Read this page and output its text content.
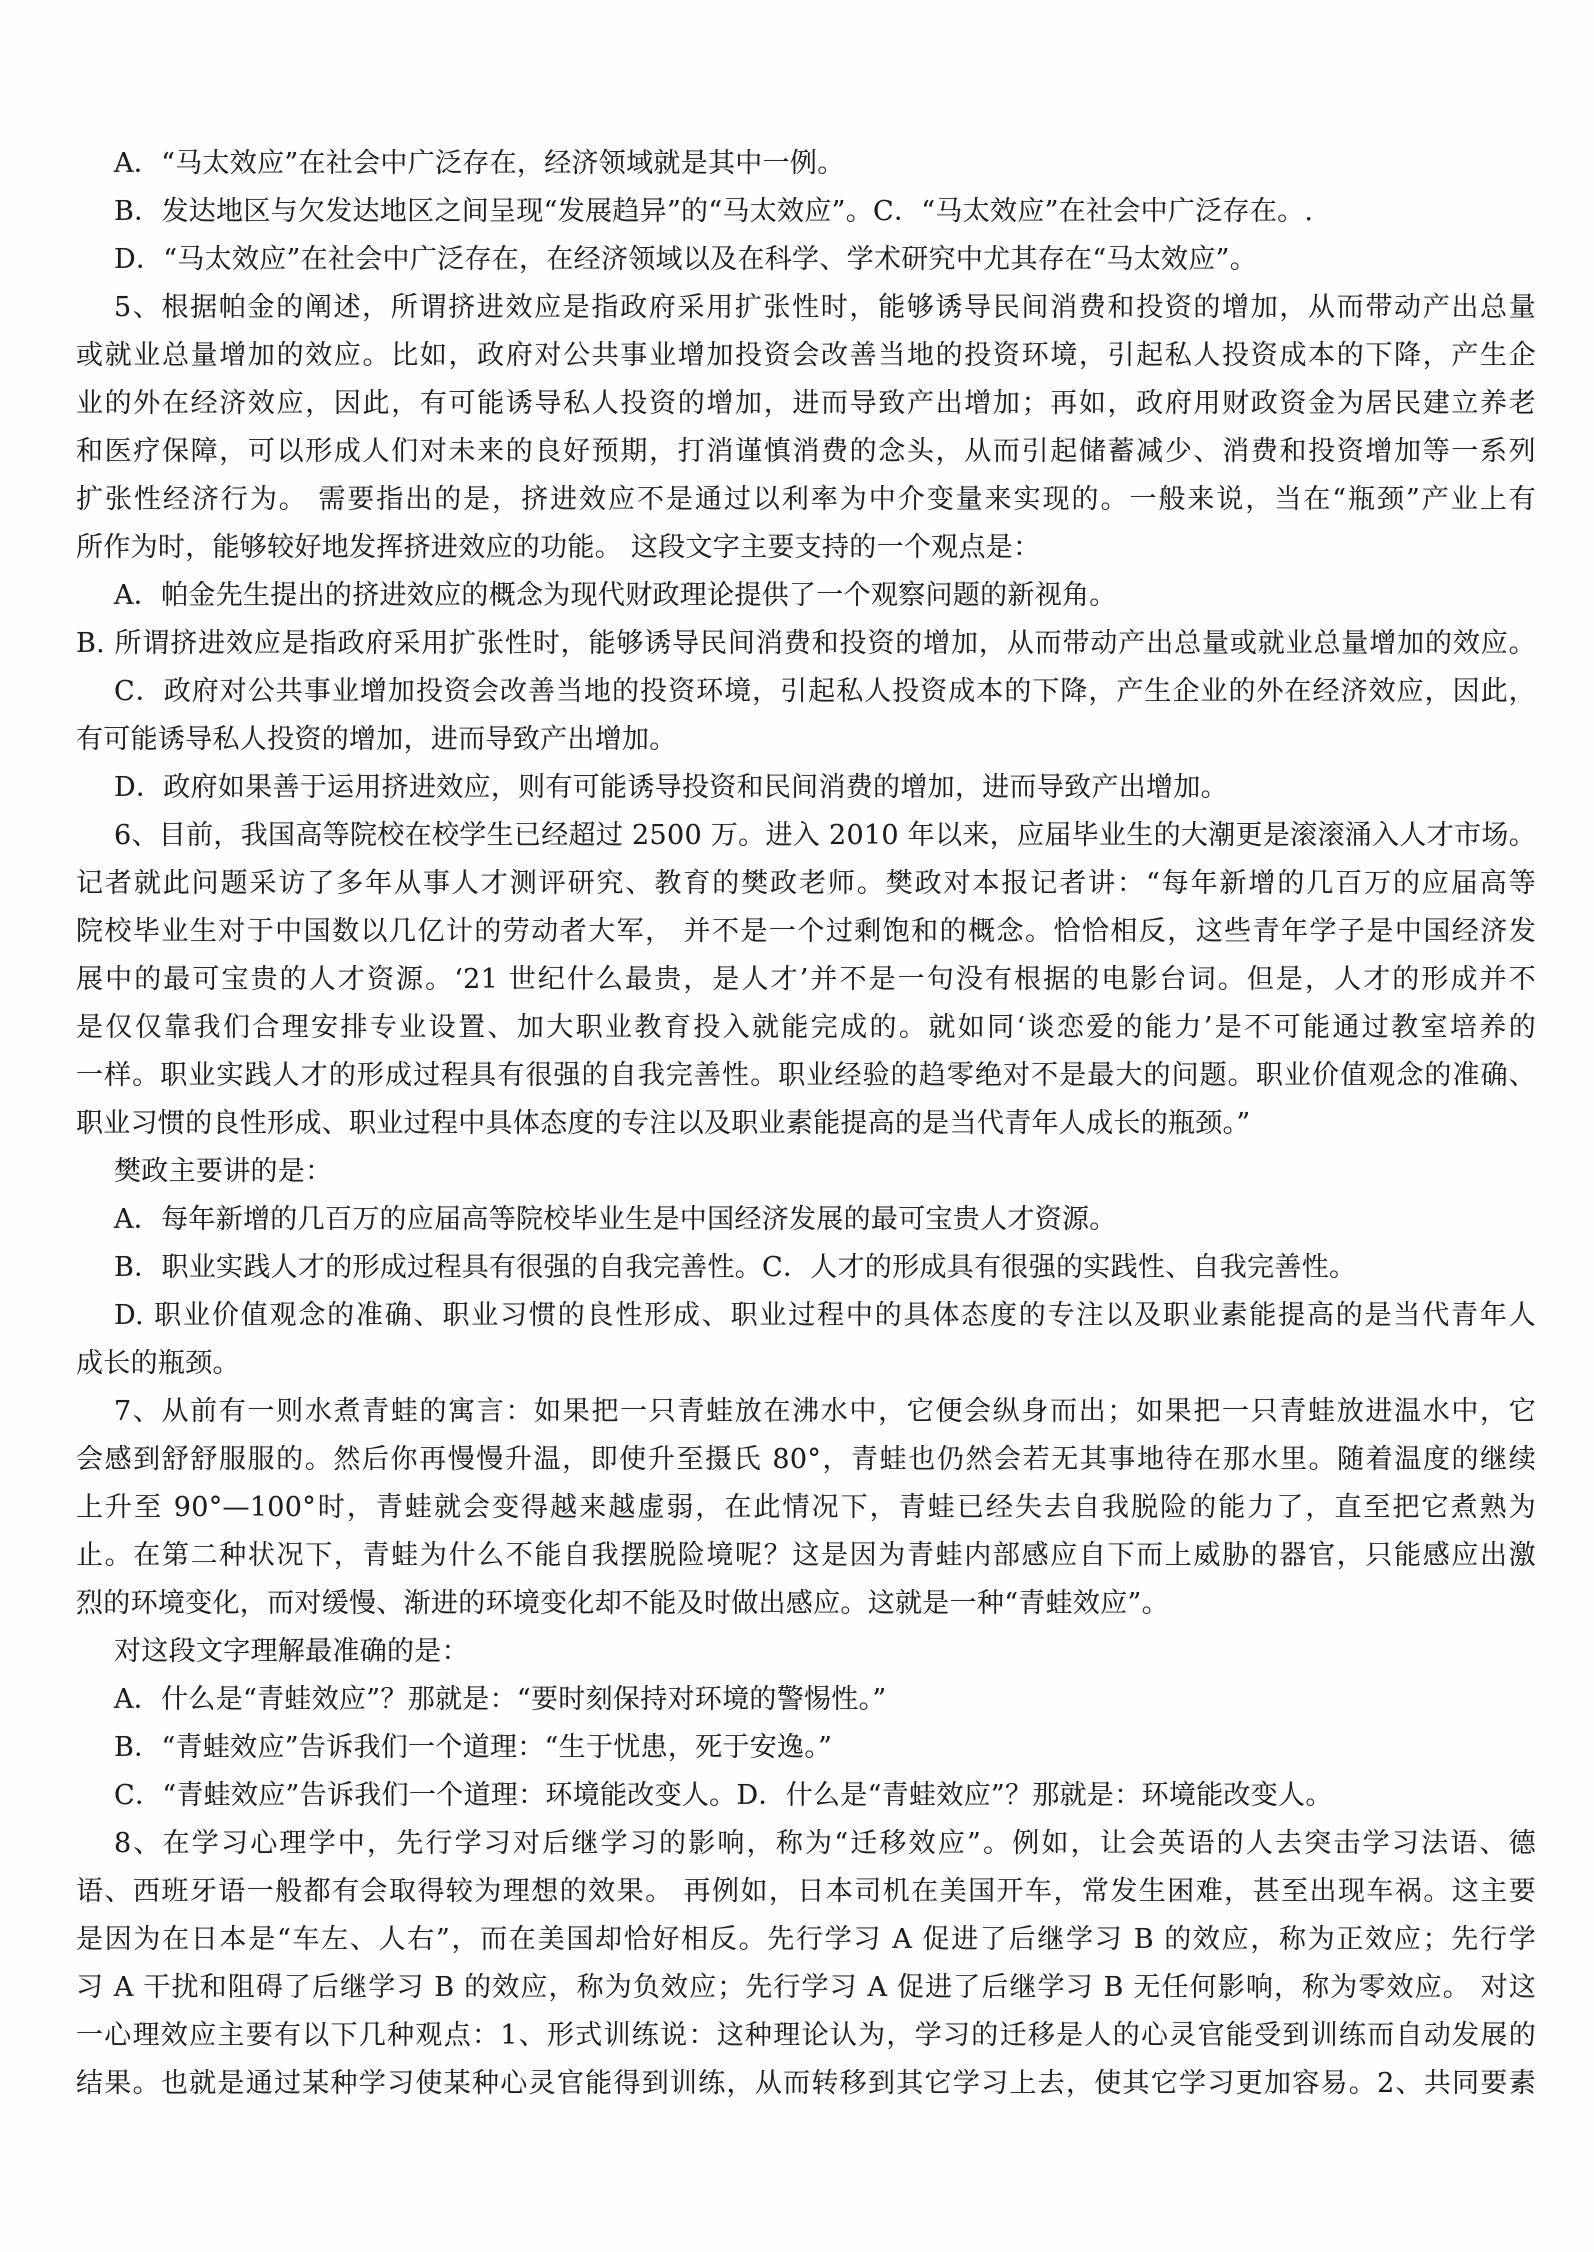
A．“马太效应”在社会中广泛存在，经济领域就是其中一例。
B．发达地区与欠发达地区之间呈现“发展趋异”的“马太效应”。C．“马太效应”在社会中广泛存在。.
D．“马太效应”在社会中广泛存在，在经济领域以及在科学、学术研究中尤其存在“马太效应”。
5、根据帕金的阐述，所谓挤进效应是指政府采用扩张性时，能够诱导民间消费和投资的增加，从而带动产出总量
或就业总量增加的效应。比如，政府对公共事业增加投资会改善当地的投资环境，引起私人投资成本的下降，产生企
业的外在经济效应，因此，有可能诱导私人投资的增加，进而导致产出增加；再如，政府用财政资金为居民建立养老
和医疗保障，可以形成人们对未来的良好预期，打消谨慎消费的念头，从而引起储蓄减少、消费和投资增加等一系列
扩张性经济行为。 需要指出的是，挤进效应不是通过以利率为中介变量来实现的。一般来说，当在“瓶颈”产业上有
所作为时，能够较好地发挥挤进效应的功能。 这段文字主要支持的一个观点是：
A．帕金先生提出的挤进效应的概念为现代财政理论提供了一个观察问题的新视角。
B. 所谓挤进效应是指政府采用扩张性时，能够诱导民间消费和投资的增加，从而带动产出总量或就业总量增加的效应。
C．政府对公共事业增加投资会改善当地的投资环境，引起私人投资成本的下降，产生企业的外在经济效应，因此，
有可能诱导私人投资的增加，进而导致产出增加。
D．政府如果善于运用挤进效应，则有可能诱导投资和民间消费的增加，进而导致产出增加。
6、目前，我国高等院校在校学生已经超过 2500 万。进入 2010 年以来，应届毕业生的大潮更是滚滚涌入人才市场。
记者就此问题采访了多年从事人才测评研究、教育的樊政老师。樊政对本报记者讲：“每年新增的几百万的应届高等
院校毕业生对于中国数以几亿计的劳动者大军， 并不是一个过剩饱和的概念。恰恰相反，这些青年学子是中国经济发
展中的最可宝贵的人才资源。‘21 世纪什么最贵，是人才’并不是一句没有根据的电影台词。但是，人才的形成并不
是仅仅靠我们合理安排专业设置、加大职业教育投入就能完成的。就如同‘谈恋爱的能力’是不可能通过教室培养的
一样。职业实践人才的形成过程具有很强的自我完善性。职业经验的趋零绝对不是最大的问题。职业价值观念的准确、
职业习惯的良性形成、职业过程中具体态度的专注以及职业素能提高的是当代青年人成长的瓶颈。”
樊政主要讲的是：
A．每年新增的几百万的应届高等院校毕业生是中国经济发展的最可宝贵人才资源。
B．职业实践人才的形成过程具有很强的自我完善性。C．人才的形成具有很强的实践性、自我完善性。
D. 职业价值观念的准确、职业习惯的良性形成、职业过程中的具体态度的专注以及职业素能提高的是当代青年人
成长的瓶颈。
7、从前有一则水煮青蛙的寓言：如果把一只青蛙放在沸水中，它便会纵身而出；如果把一只青蛙放进温水中，它
会感到舒舒服服的。然后你再慢慢升温，即使升至摄氏 80°，青蛙也仍然会若无其事地待在那水里。随着温度的继续
上升至 90°—100°时，青蛙就会变得越来越虚弱，在此情况下，青蛙已经失去自我脱险的能力了，直至把它煮熟为
止。在第二种状况下，青蛙为什么不能自我摆脱险境呢？这是因为青蛙内部感应自下而上威胁的器官，只能感应出激
烈的环境变化，而对缓慢、渐进的环境变化却不能及时做出感应。这就是一种“青蛙效应”。
对这段文字理解最准确的是：
A．什么是“青蛙效应”？那就是：“要时刻保持对环境的警惕性。”
B．“青蛙效应”告诉我们一个道理：“生于忧患，死于安逸。”
C．“青蛙效应”告诉我们一个道理：环境能改变人。D．什么是“青蛙效应”？那就是：环境能改变人。
8、在学习心理学中，先行学习对后继学习的影响，称为“迁移效应”。例如，让会英语的人去突击学习法语、德
语、西班牙语一般都有会取得较为理想的效果。 再例如，日本司机在美国开车，常发生困难，甚至出现车祸。这主要
是因为在日本是“车左、人右”，而在美国却恰好相反。先行学习 A 促进了后继学习 B 的效应，称为正效应；先行学
习 A 干扰和阻碍了后继学习 B 的效应，称为负效应；先行学习 A 促进了后继学习 B 无任何影响，称为零效应。 对这
一心理效应主要有以下几种观点：1、形式训练说：这种理论认为，学习的迁移是人的心灵官能受到训练而自动发展的
结果。也就是通过某种学习使某种心灵官能得到训练，从而转移到其它学习上去，使其它学习更加容易。2、共同要素
